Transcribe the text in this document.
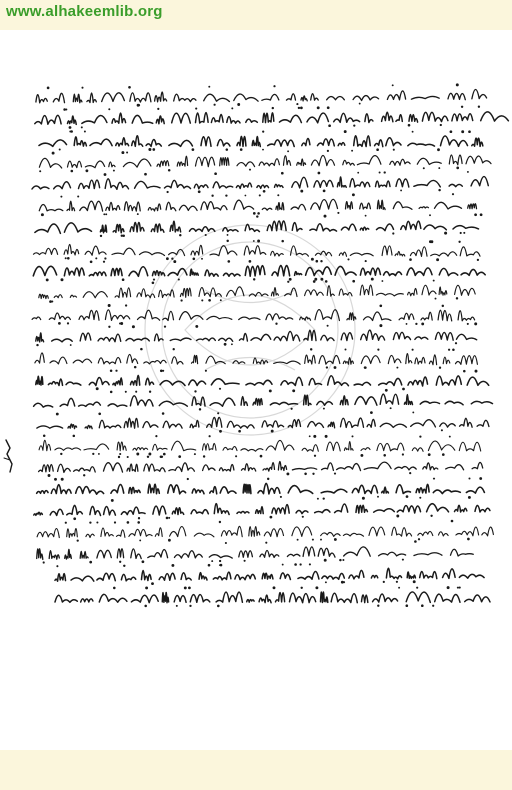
www.alhakeemlib.org
